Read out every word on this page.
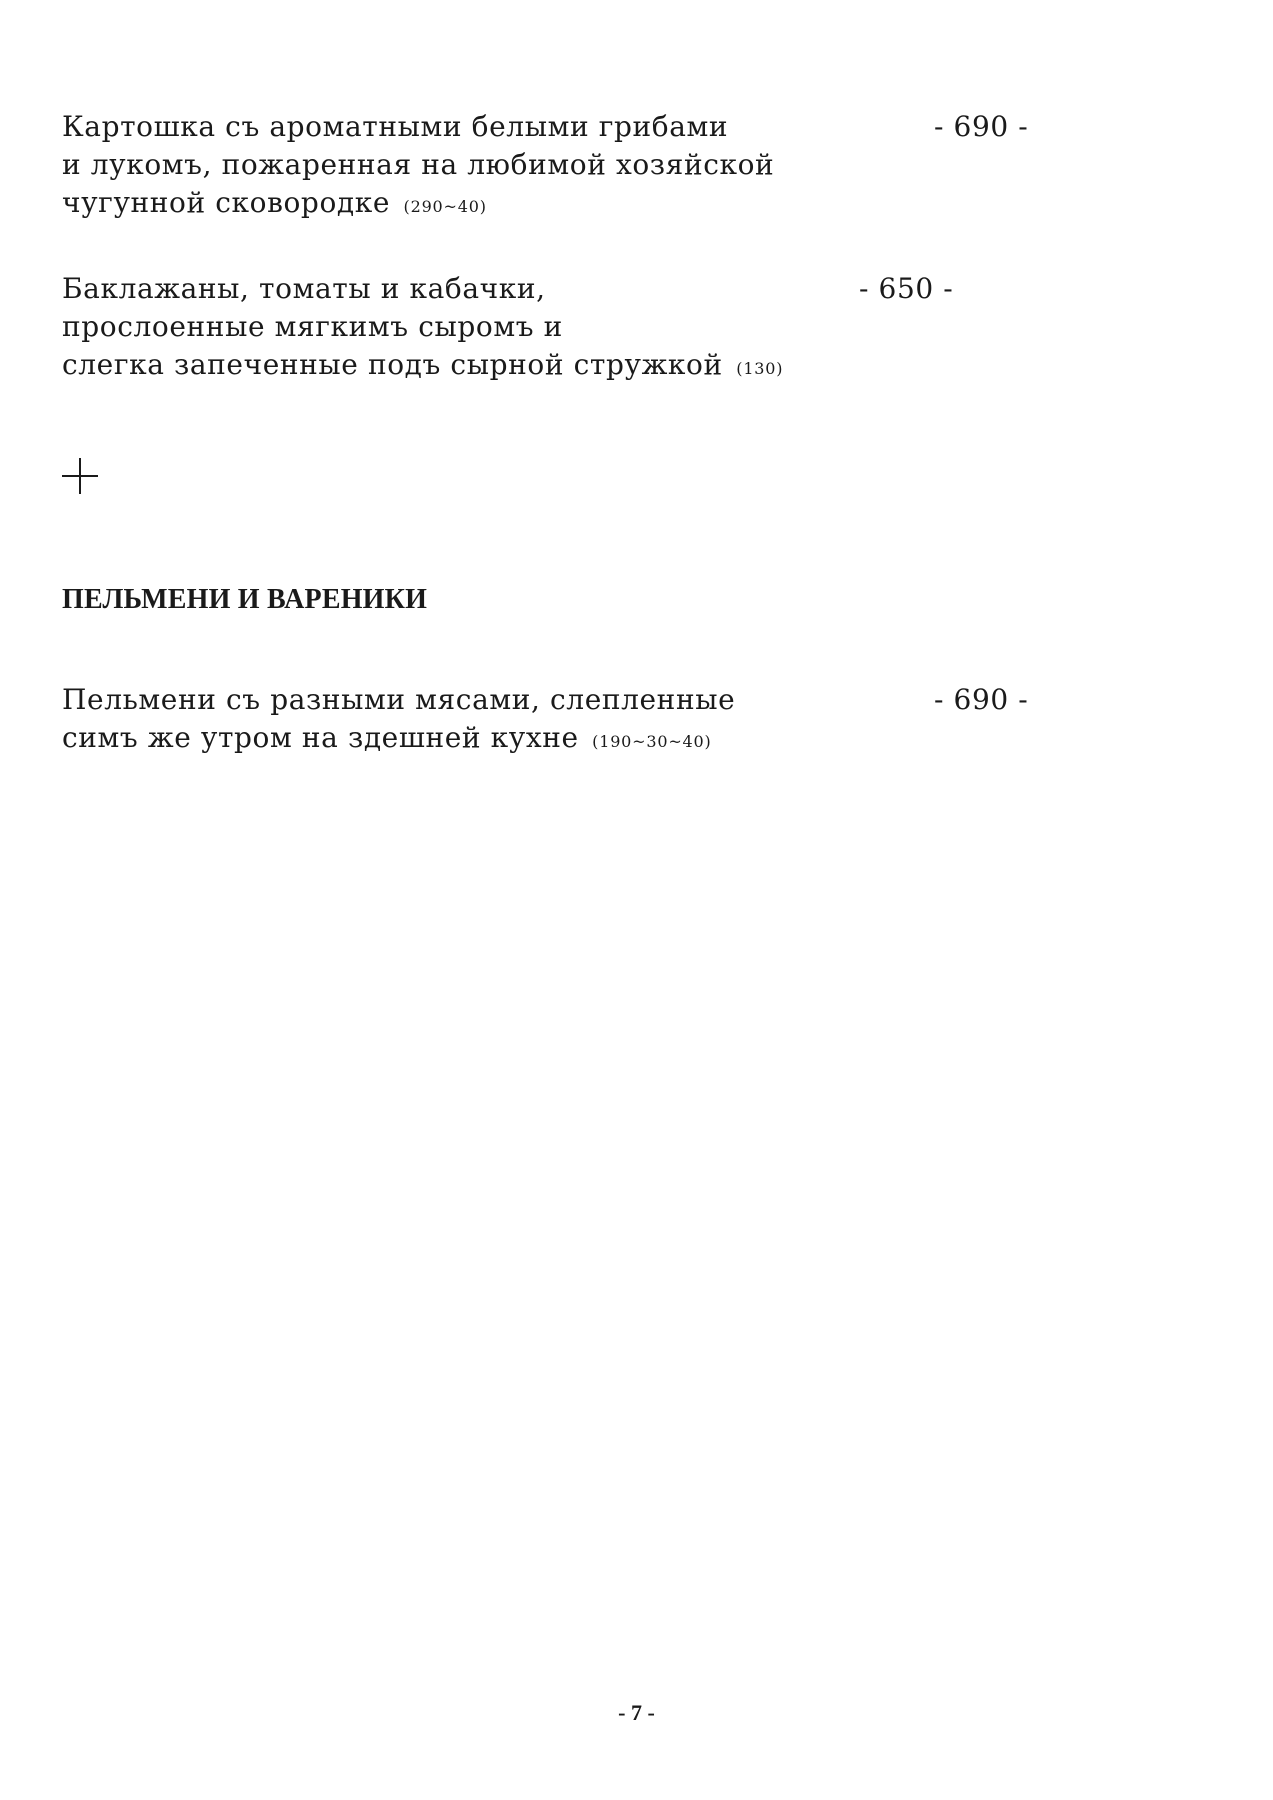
Картошка съ ароматными белыми грибами
и лукомъ, пожаренная на любимой хозяйской
чугунной сковородке (290~40)
- 690 -
Баклажаны, томаты и кабачки,
прослоенные мягкимъ сыромъ и
слегка запеченные подъ сырной стружкой (130)
- 650 -
ПЕЛЬМЕНИ И ВАРЕНИКИ
Пельмени съ разными мясами, слепленные
симъ же утром на здешней кухне (190~30~40)
- 690 -
- 7 -
